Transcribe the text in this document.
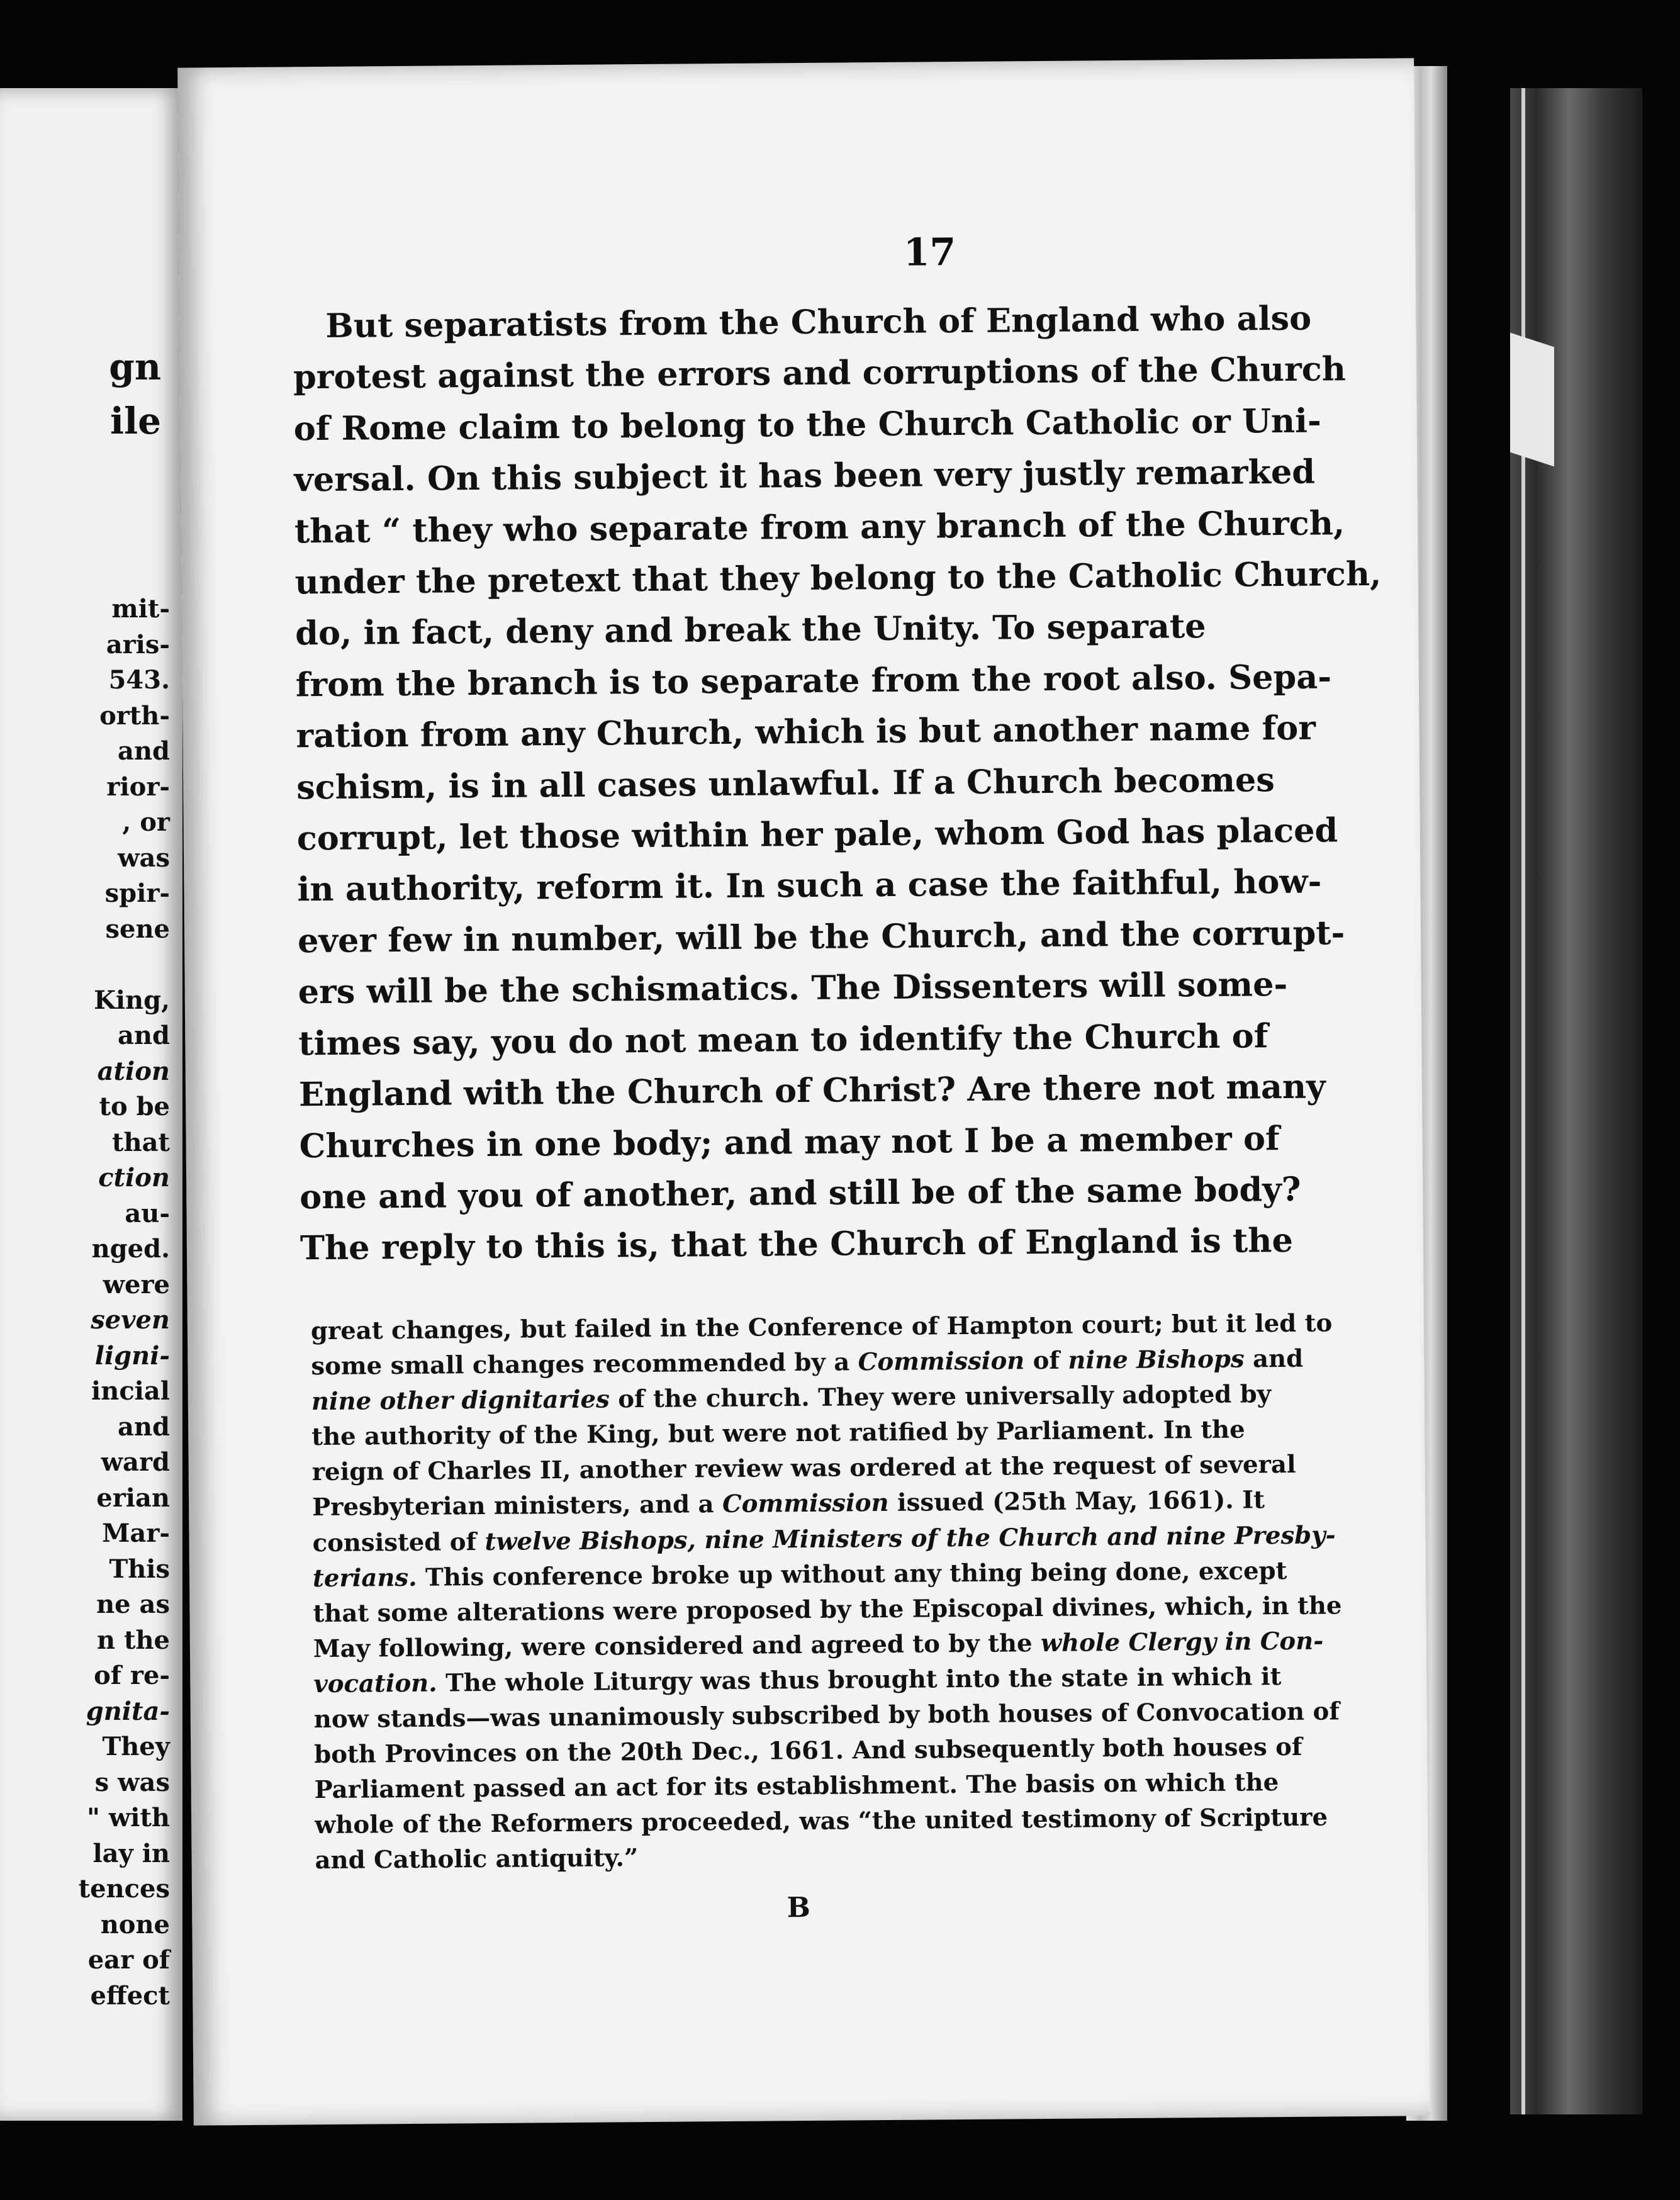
gn
ile
mit-
aris-
543.
orth-
and
rior-
, or
was
spir-
sene

King,
and
ation
to be
that
ction
au-
nged.
were
seven
ligni-
incial
and
ward
erian
Mar-
This
ne as
n the
of re-
gnita-
They
s was
" with
lay in
tences
none
ear of
effect
17
But separatists from the Church of England who also
protest against the errors and corruptions of the Church
of Rome claim to belong to the Church Catholic or Uni-
versal. On this subject it has been very justly remarked
that “ they who separate from any branch of the Church,
under the pretext that they belong to the Catholic Church,
do, in fact, deny and break the Unity. To separate
from the branch is to separate from the root also. Sepa-
ration from any Church, which is but another name for
schism, is in all cases unlawful. If a Church becomes
corrupt, let those within her pale, whom God has placed
in authority, reform it. In such a case the faithful, how-
ever few in number, will be the Church, and the corrupt-
ers will be the schismatics. The Dissenters will some-
times say, you do not mean to identify the Church of
England with the Church of Christ? Are there not many
Churches in one body; and may not I be a member of
one and you of another, and still be of the same body?
The reply to this is, that the Church of England is the
great changes, but failed in the Conference of Hampton court; but it led to
some small changes recommended by a Commission of nine Bishops and
nine other dignitaries of the church. They were universally adopted by
the authority of the King, but were not ratified by Parliament. In the
reign of Charles II, another review was ordered at the request of several
Presbyterian ministers, and a Commission issued (25th May, 1661). It
consisted of twelve Bishops, nine Ministers of the Church and nine Presby-
terians. This conference broke up without any thing being done, except
that some alterations were proposed by the Episcopal divines, which, in the
May following, were considered and agreed to by the whole Clergy in Con-
vocation. The whole Liturgy was thus brought into the state in which it
now stands—was unanimously subscribed by both houses of Convocation of
both Provinces on the 20th Dec., 1661. And subsequently both houses of
Parliament passed an act for its establishment. The basis on which the
whole of the Reformers proceeded, was “the united testimony of Scripture
and Catholic antiquity.”
B
